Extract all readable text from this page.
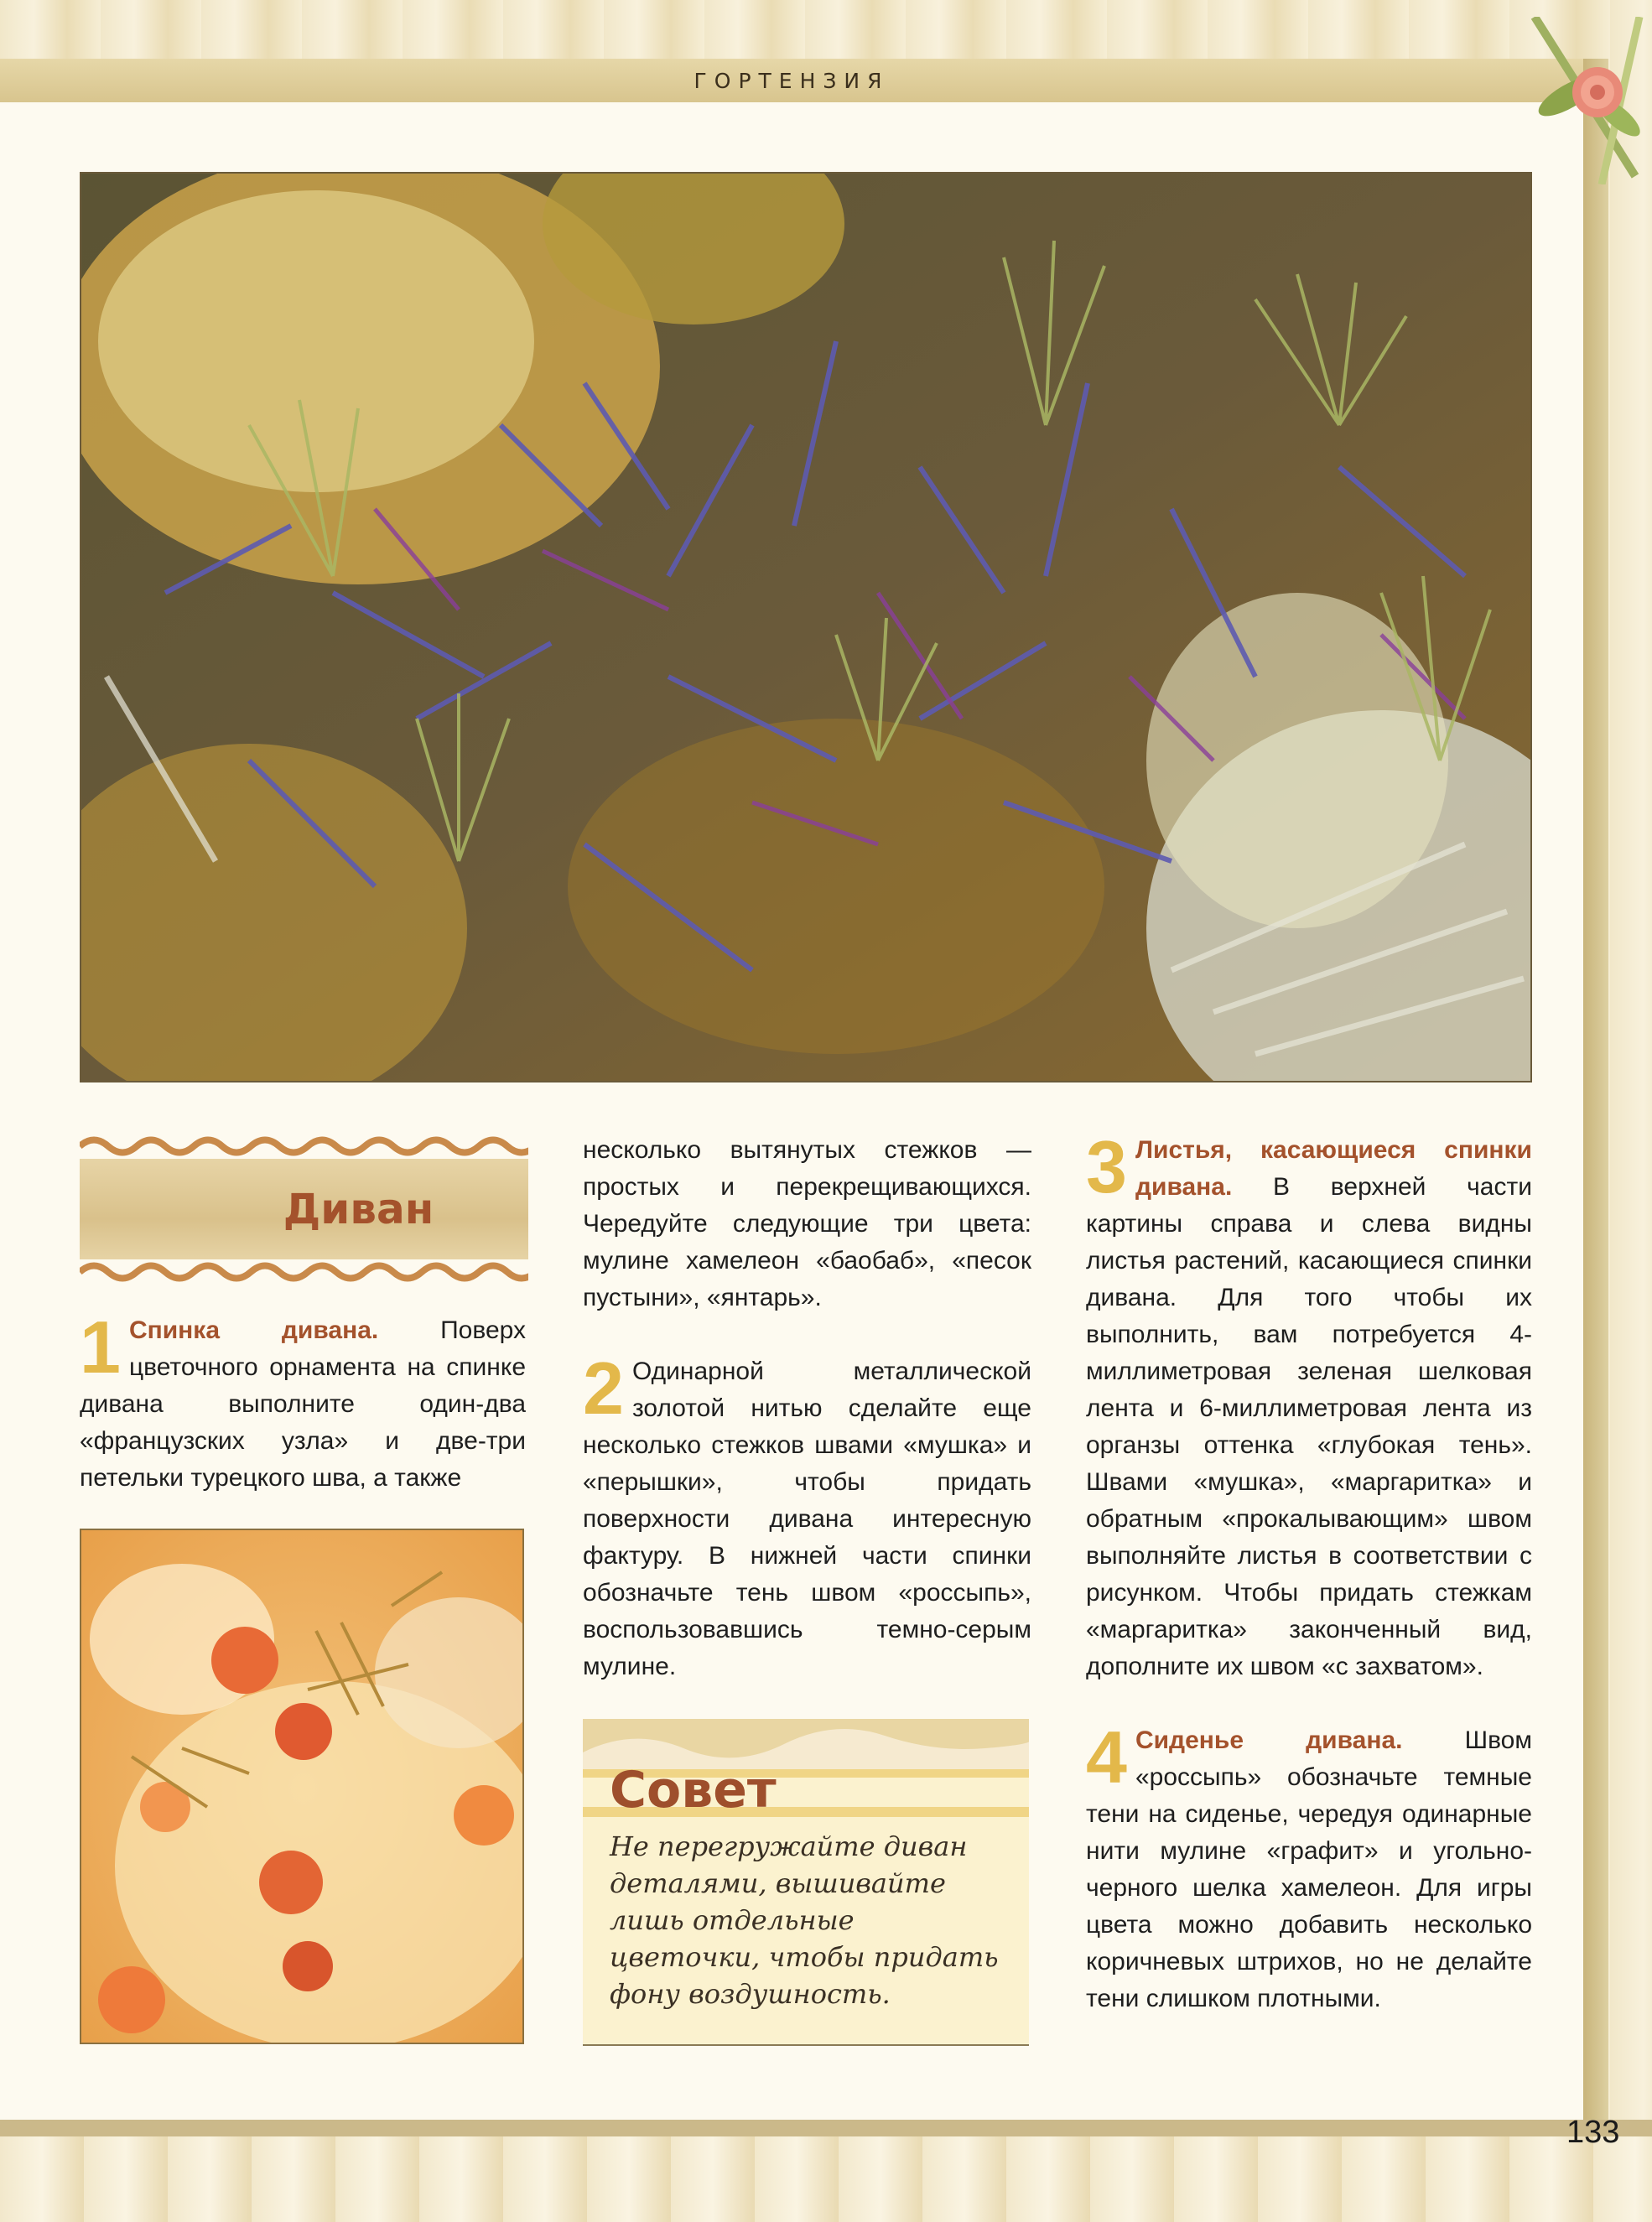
ГОРТЕНЗИЯ
133
Диван
1 Спинка дивана. Поверх цветочного орнамента на спинке дивана выполните один-два «французских узла» и две-три петельки турецкого шва, а также
несколько вытянутых стежков — простых и перекрещивающихся. Чередуйте следующие три цвета: мулине хамелеон «баобаб», «песок пустыни», «янтарь».
2 Одинарной металлической золотой нитью сделайте еще несколько стежков швами «мушка» и «перышки», чтобы придать поверхности дивана интересную фактуру. В нижней части спинки обозначьте тень швом «россыпь», воспользовавшись темно-серым мулине.
Совет
Не перегружайте диван деталями, вышивайте лишь отдельные цветочки, чтобы придать фону воздушность.
3 Листья, касающиеся спинки дивана. В верхней части картины справа и слева видны листья растений, касающиеся спинки дивана. Для того чтобы их выполнить, вам потребуется 4-миллиметровая зеленая шелковая лента и 6-миллиметровая лента из органзы оттенка «глубокая тень». Швами «мушка», «маргаритка» и обратным «прокалывающим» швом выполняйте листья в соответствии с рисунком. Чтобы придать стежкам «маргаритка» законченный вид, дополните их швом «с захватом».
4 Сиденье дивана. Швом «россыпь» обозначьте темные тени на сиденье, чередуя одинарные нити мулине «графит» и угольно-черного шелка хамелеон. Для игры цвета можно добавить несколько коричневых штрихов, но не делайте тени слишком плотными.
